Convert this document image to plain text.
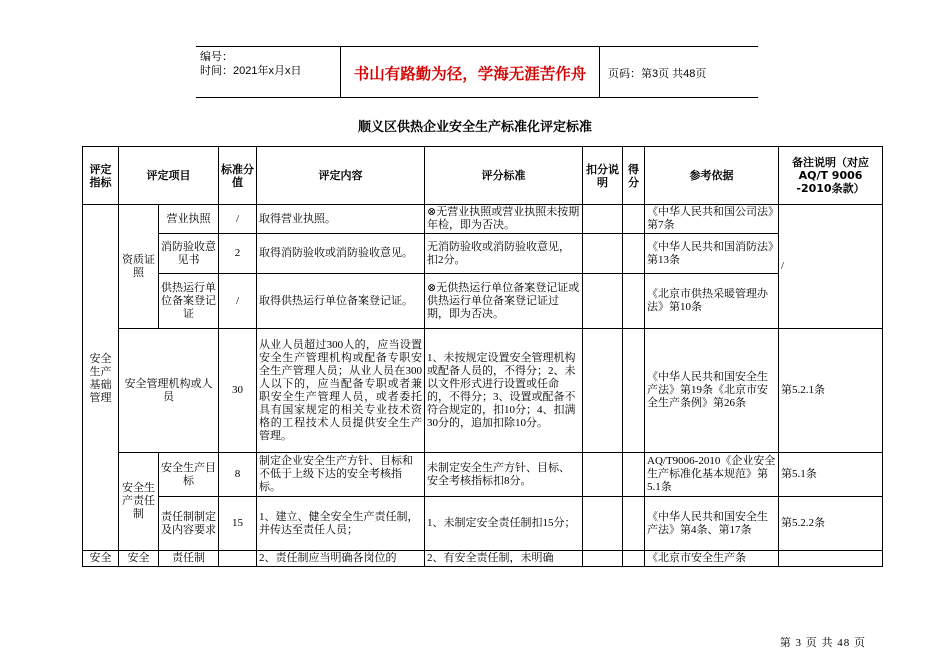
编号：
时间：2021年x月x日	书山有路勤为径，学海无涯苦作舟	页码：第3页 共48页
顺义区供热企业安全生产标准化评定标准
评定指标	评定项目		标准分值	评定内容	评分标准	扣分说明	得分	参考依据	备注说明（对应AQ/T 9006 -2010条款）
安全生产基础管理	资质证照	营业执照	/	取得营业执照。	⊗无营业执照或营业执照未按期年检，即为否决。			《中华人民共和国公司法》第7条	/
		消防验收意见书	2	取得消防验收或消防验收意见。	无消防验收或消防验收意见，扣2分。			《中华人民共和国消防法》第13条	
		供热运行单位备案登记证	/	取得供热运行单位备案登记证。	⊗无供热运行单位备案登记证或供热运行单位备案登记证过期，即为否决。			《北京市供热采暖管理办法》第10条	
	安全管理机构或人员		30	从业人员超过300人的，应当设置安全生产管理机构或配备专职安全生产管理人员；从业人员在300人以下的，应当配备专职或者兼职安全生产管理人员，或者委托具有国家规定的相关专业技术资格的工程技术人员提供安全生产管理。	1、未按规定设置安全管理机构或配备人员的，不得分；2、未以文件形式进行设置或任命的，不得分；3、设置或配备不符合规定的，扣10分；4、扣满30分的，追加扣除10分。			《中华人民共和国安全生产法》第19条《北京市安全生产条例》第26条	第5.2.1条
	安全生产责任制	安全生产目标	8	制定企业安全生产方针、目标和不低于上级下达的安全考核指标。	未制定安全生产方针、目标、安全考核指标扣8分。			AQ/T9006-2010《企业安全生产标准化基本规范》第5.1条	第5.1条
		责任制制定及内容要求	15	1、建立、健全安全生产责任制，并传达至责任人员；	1、未制定安全责任制扣15分；			《中华人民共和国安全生产法》第4条、第17条	第5.2.2条
安全	安全	责任制		2、责任制应当明确各岗位的	2、有安全责任制，未明确			《北京市安全生产条	
第 3 页 共 48 页
